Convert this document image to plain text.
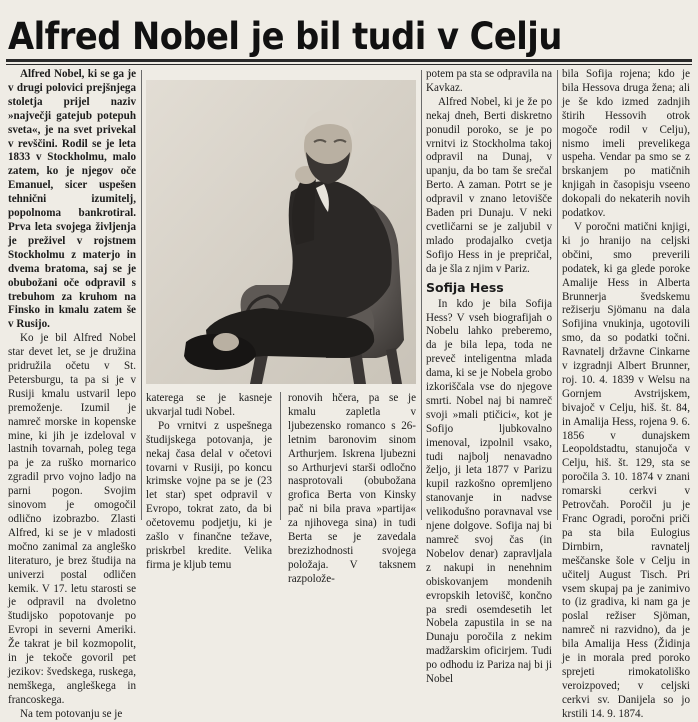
Alfred Nobel je bil tudi v Celju

Alfred Nobel, ki se ga je v drugi polovici prejšnjega stoletja prijel naziv »največji gatejub potepuh sveta«, je na svet privekal v revščini. Rodil se je leta 1833 v Stockholmu, malo zatem, ko je njegov oče Emanuel, sicer uspešen tehnični izumitelj, popolnoma bankrotiral. Prva leta svojega življenja je preživel v rojstnem Stockholmu z materjo in dvema bratoma, saj se je obubožani oče odpravil s trebuhom za kruhom na Finsko in kmalu zatem še v Rusijo.

Ko je bil Alfred Nobel star devet let, se je družina pridružila očetu v St. Petersburgu, ta pa si je v Rusiji kmalu ustvaril lepo premoženje. Izumil je namreč morske in kopenske mine, ki jih je izdeloval v lastnih tovarnah, poleg tega pa je za ruško mornarico zgradil prvo vojno ladjo na parni pogon. Svojim sinovom je omogočil odlično izobrazbo. Zlasti Alfred, ki se je v mladosti močno zanimal za angleško literaturo, je brez študija na univerzi postal odličen kemik. V 17. letu starosti se je odpravil na dvoletno študijsko popotovanje po Evropi in severni Ameriki. Že takrat je bil kozmopolit, in je tekoče govoril pet jezikov: švedskega, ruskega, nemškega, angleškega in francoskega.

Na tem potovanju se je

katerega se je kasneje ukvarjal tudi Nobel.

Po vrnitvi z uspešnega študijskega potovanja, je nekaj časa delal v očetovi tovarni v Rusiji, po koncu krimske vojne pa se je (23 let star) spet odpravil v Evropo, tokrat zato, da bi očetovemu podjetju, ki je zašlo v finančne težave, priskrbel kredite. Velika firma je kljub temu

ronovih hčera, pa se je kmalu zapletla v ljubezensko romanco s 26-letnim baronovim sinom Arthurjem. Iskrena ljubezni so Arthurjevi starši odločno nasprotovali (obubožana grofica Berta von Kinsky pač ni bila prava »partija« za njihovega sina) in tudi Berta se je zavedala brezizhodnosti svojega položaja. V taksnem razpolože-

potem pa sta se odpravila na Kavkaz.

Alfred Nobel, ki je že po nekaj dneh, Berti diskretno ponudil poroko, se je po vrnitvi iz Stockholma takoj odpravil na Dunaj, v upanju, da bo tam še srečal Berto. A zaman. Potrt se je odpravil v znano letovišče Baden pri Dunaju. V neki cvetličarni se je zaljubil v mlado prodajalko cvetja Sofijo Hess in je prepričal, da je šla z njim v Pariz.

Sofija Hess

In kdo je bila Sofija Hess? V vseh biografijah o Nobelu lahko preberemo, da je bila lepa, toda ne preveč inteligentna mlada dama, ki se je Nobela grobo izkoriščala vse do njegove smrti. Nobel naj bi namreč svoji »mali ptičici«, kot je Sofijo ljubkovalno imenoval, izpolnil vsako, tudi najbolj nenavadno željo, ji leta 1877 v Parizu kupil razkošno opremljeno stanovanje in nadvse velikodušno poravnaval vse njene dolgove. Sofija naj bi namreč svoj čas (in Nobelov denar) zapravljala z nakupi in nenehnim obiskovanjem mondenih evropskih letovišč, končno pa sredi osemdesetih let Nobela zapustila in se na Dunaju poročila z nekim madžarskim oficirjem. Tudi po odhodu iz Pariza naj bi ji Nobel

bila Sofija rojena; kdo je bila Hessova druga žena; ali je še kdo izmed zadnjih štirih Hessovih otrok mogoče rodil v Celju), nismo imeli prevelikega uspeha. Vendar pa smo se z brskanjem po matičnih knjigah in časopisju vseeno dokopali do nekaterih novih podatkov.

V poročni matični knjigi, ki jo hranijo na celjski občini, smo preverili podatek, ki ga glede poroke Amalije Hess in Alberta Brunnerja švedskemu režiserju Sjömanu na dala Sofijina vnukinja, ugotovili smo, da so podatki točni. Ravnatelj državne Cinkarne v izgradnji Albert Brunner, roj. 10. 4. 1839 v Welsu na Gornjem Avstrijskem, bivajoč v Celju, hiš. št. 84, in Amalija Hess, rojena 9. 6. 1856 v dunajskem Leopoldstadtu, stanujoča v Celju, hiš. št. 129, sta se poročila 3. 10. 1874 v znani romarski cerkvi v Petrovčah. Poročil ju je Franc Ogradi, poročni priči pa sta bila Eulogius Dirnbirn, ravnatelj meščanske šole v Celju in učitelj August Tisch. Pri vsem skupaj pa je zanimivo to (iz gradiva, ki nam ga je poslal režiser Sjöman, namreč ni razvidno), da je bila Amalija Hess (Židinja je in morala pred poroko sprejeti rimokatoliško veroizpoved; v celjski cerkvi sv. Danijela so jo krstili 14. 9. 1874.
